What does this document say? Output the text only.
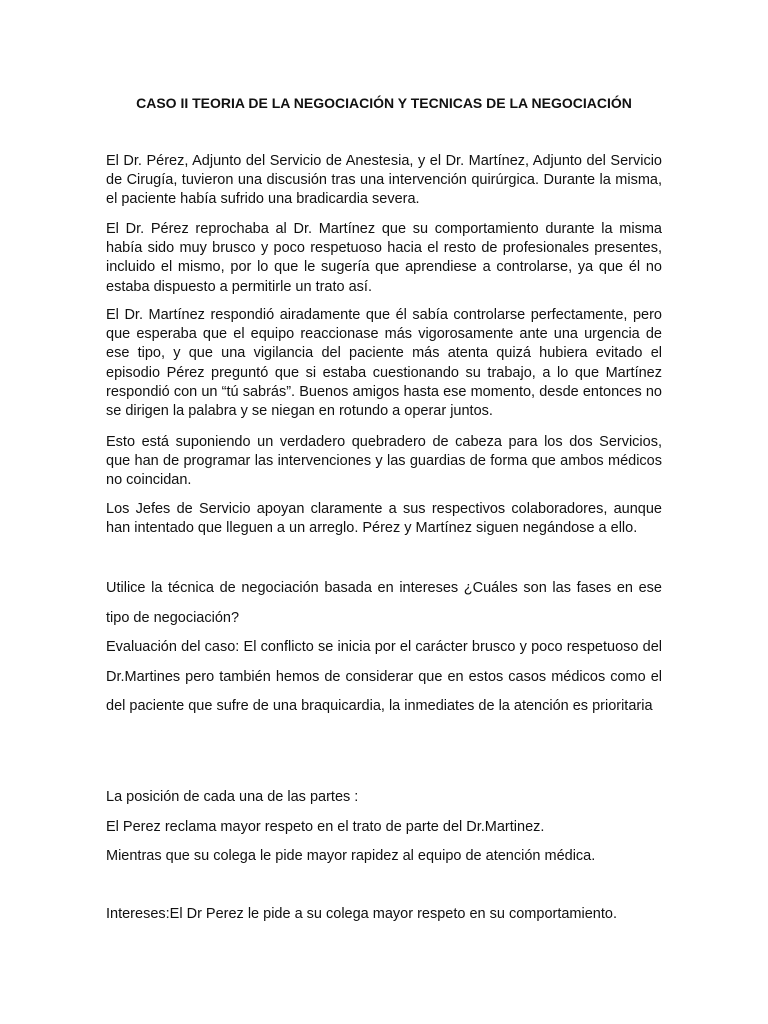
CASO II TEORIA DE LA NEGOCIACIÓN Y TECNICAS DE LA NEGOCIACIÓN

El Dr. Pérez, Adjunto del Servicio de Anestesia, y el Dr. Martínez, Adjunto del Servicio de Cirugía, tuvieron una discusión tras una intervención quirúrgica. Durante la misma, el paciente había sufrido una bradicardia severa.

El Dr. Pérez reprochaba al Dr. Martínez que su comportamiento durante la misma había sido muy brusco y poco respetuoso hacia el resto de profesionales presentes, incluido el mismo, por lo que le sugería que aprendiese a controlarse, ya que él no estaba dispuesto a permitirle un trato así.

El Dr. Martínez respondió airadamente que él sabía controlarse perfectamente, pero que esperaba que el equipo reaccionase más vigorosamente ante una urgencia de ese tipo, y que una vigilancia del paciente más atenta quizá hubiera evitado el episodio Pérez preguntó que si estaba cuestionando su trabajo, a lo que Martínez respondió con un “tú sabrás”. Buenos amigos hasta ese momento, desde entonces no se dirigen la palabra y se niegan en rotundo a operar juntos.

Esto está suponiendo un verdadero quebradero de cabeza para los dos Servicios, que han de programar las intervenciones y las guardias de forma que ambos médicos no coincidan.

Los Jefes de Servicio apoyan claramente a sus respectivos colaboradores, aunque han intentado que lleguen a un arreglo. Pérez y Martínez siguen negándose a ello.

Utilice la técnica de negociación basada en intereses ¿Cuáles son las fases en ese tipo de negociación?

Evaluación del caso: El conflicto se inicia por el carácter brusco y poco respetuoso del Dr.Martines pero también hemos de considerar que en estos casos médicos como el del paciente que sufre de una braquicardia, la inmediates de la atención es prioritaria

La posición de cada una de las partes :

El Perez reclama mayor respeto en el trato de parte del Dr.Martinez.

Mientras que su colega le pide mayor rapidez al equipo de atención médica.

Intereses:El Dr Perez le pide a su colega mayor respeto en su comportamiento.
